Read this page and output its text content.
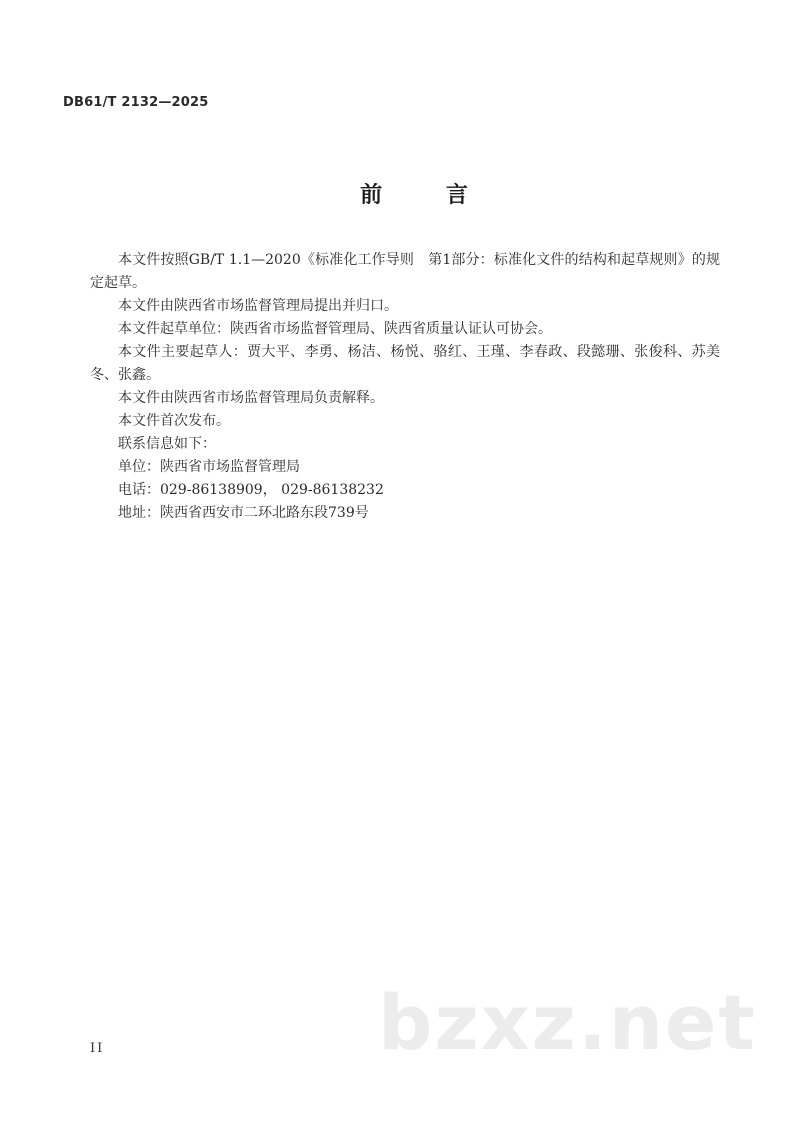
DB61/T 2132—2025
前 言

本文件按照GB/T 1.1—2020《标准化工作导则　第1部分：标准化文件的结构和起草规则》的规定起草。

本文件由陕西省市场监督管理局提出并归口。

本文件起草单位：陕西省市场监督管理局、陕西省质量认证认可协会。

本文件主要起草人：贾大平、李勇、杨洁、杨悦、骆红、王瑾、李春政、段懿珊、张俊科、苏美冬、张鑫。

本文件由陕西省市场监督管理局负责解释。

本文件首次发布。

联系信息如下：

单位：陕西省市场监督管理局

电话：029-86138909， 029-86138232

地址：陕西省西安市二环北路东段739号

bzxz.net
II
